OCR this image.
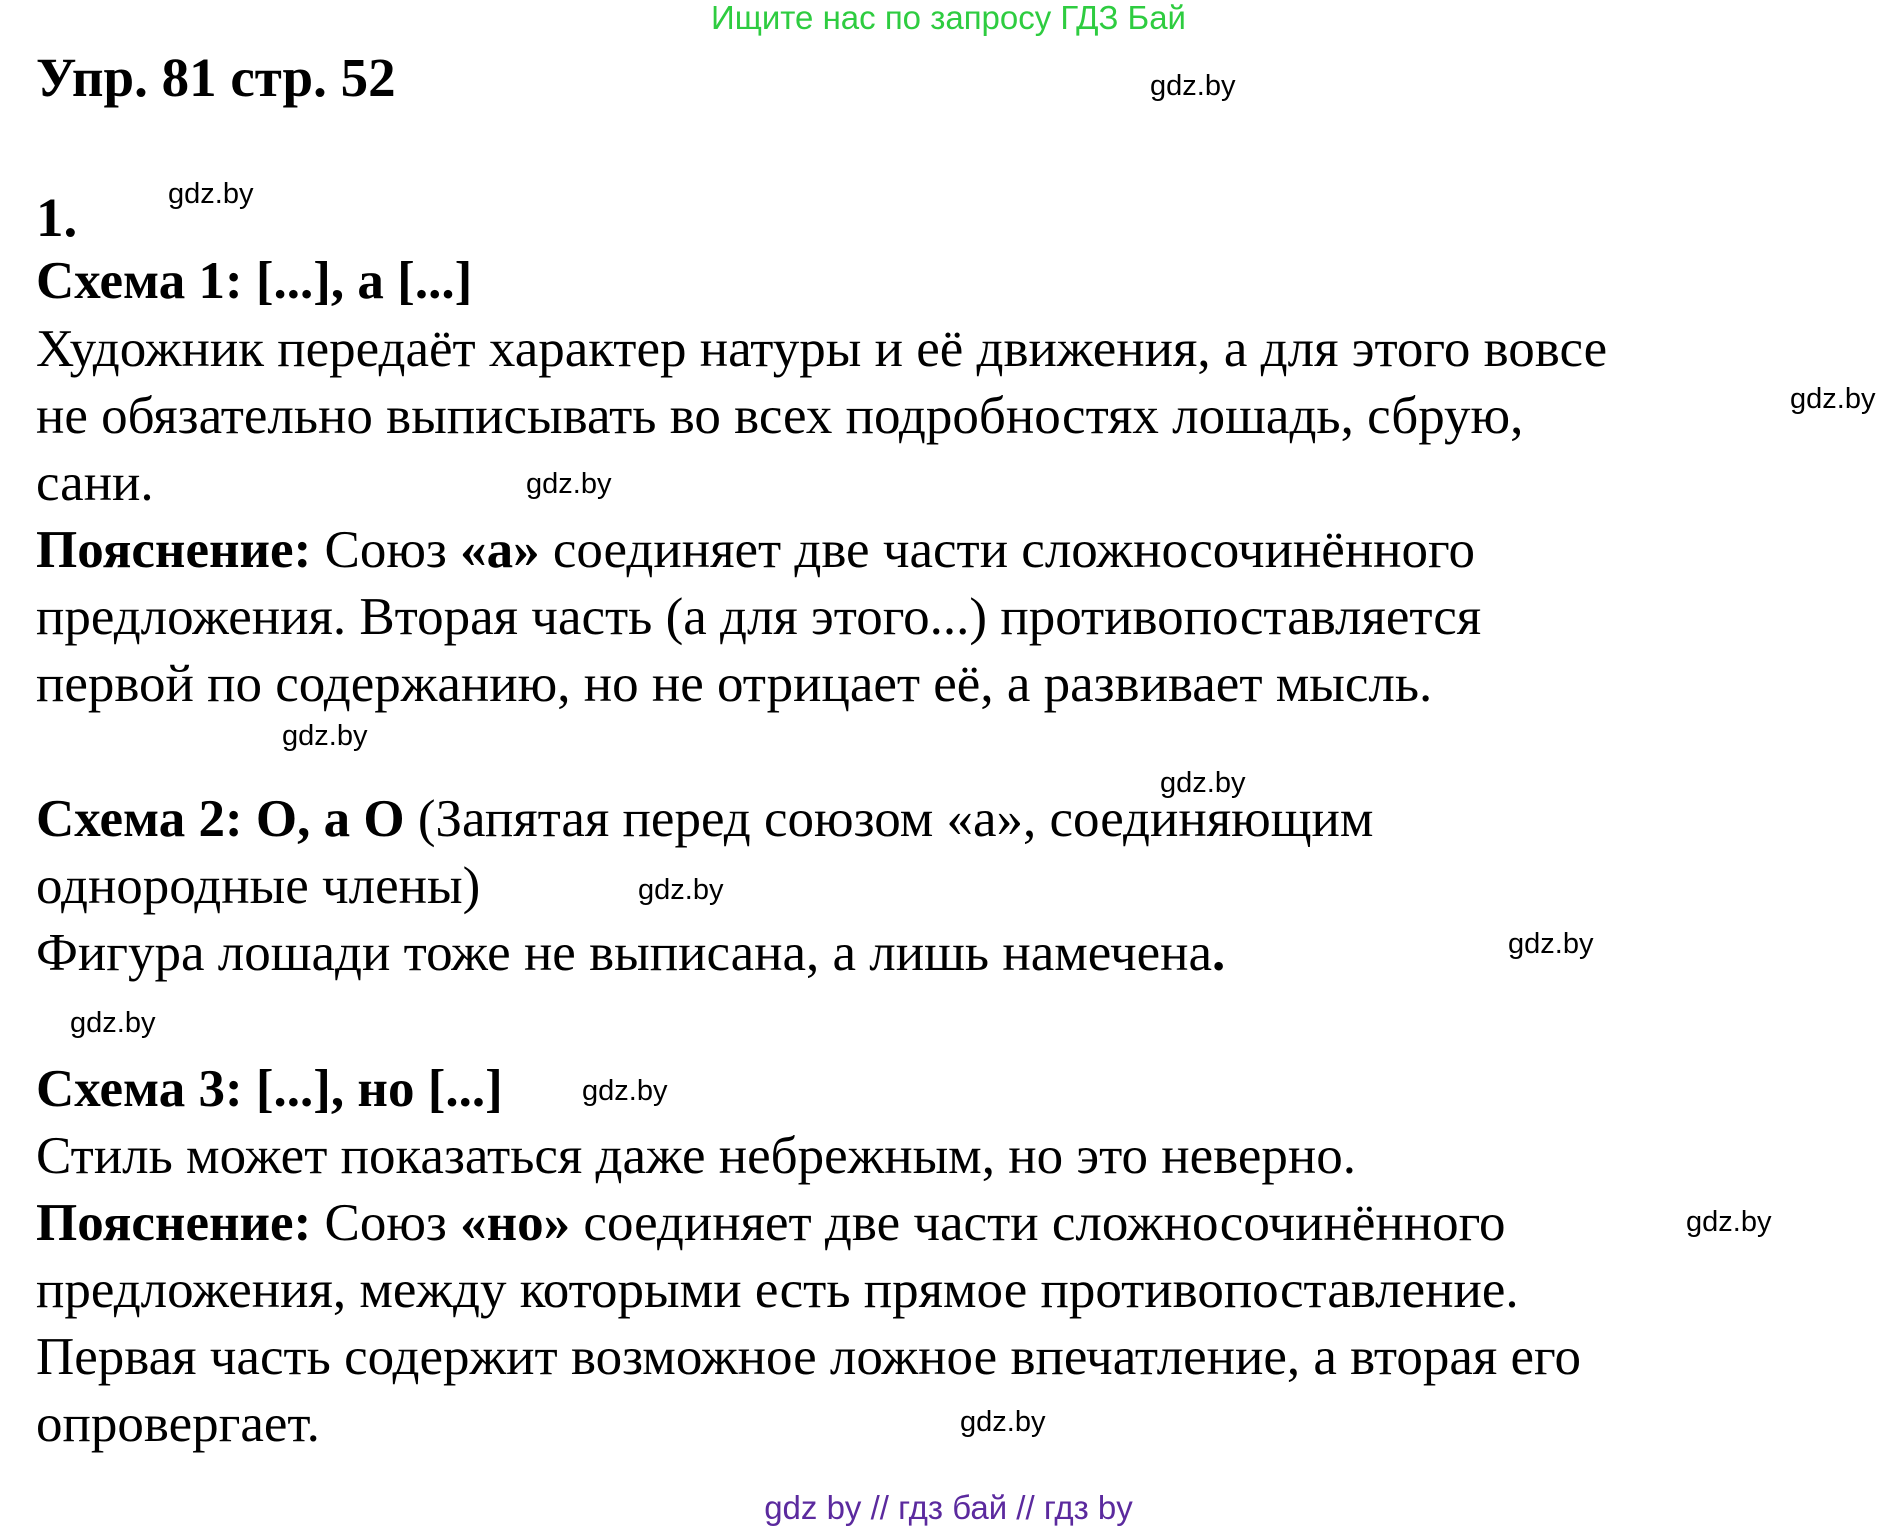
Ищите нас по запросу ГДЗ Бай
Упр. 81 стр. 52
1.
Схема 1: [...], а [...]
Художник передаёт характер натуры и её движения, а для этого вовсе
не обязательно выписывать во всех подробностях лошадь, сбрую,
сани.
Пояснение: Союз «а» соединяет две части сложносочинённого
предложения. Вторая часть (а для этого...) противопоставляется
первой по содержанию, но не отрицает её, а развивает мысль.
Схема 2: O, а O (Запятая перед союзом «а», соединяющим
однородные члены)
Фигура лошади тоже не выписана, а лишь намечена.
Схема 3: [...], но [...]
Стиль может показаться даже небрежным, но это неверно.
Пояснение: Союз «но» соединяет две части сложносочинённого
предложения, между которыми есть прямое противопоставление.
Первая часть содержит возможное ложное впечатление, а вторая его
опровергает.
gdz.by
gdz.by
gdz.by
gdz.by
gdz.by
gdz.by
gdz.by
gdz.by
gdz.by
gdz.by
gdz.by
gdz.by
gdz by // гдз бай // гдз by
